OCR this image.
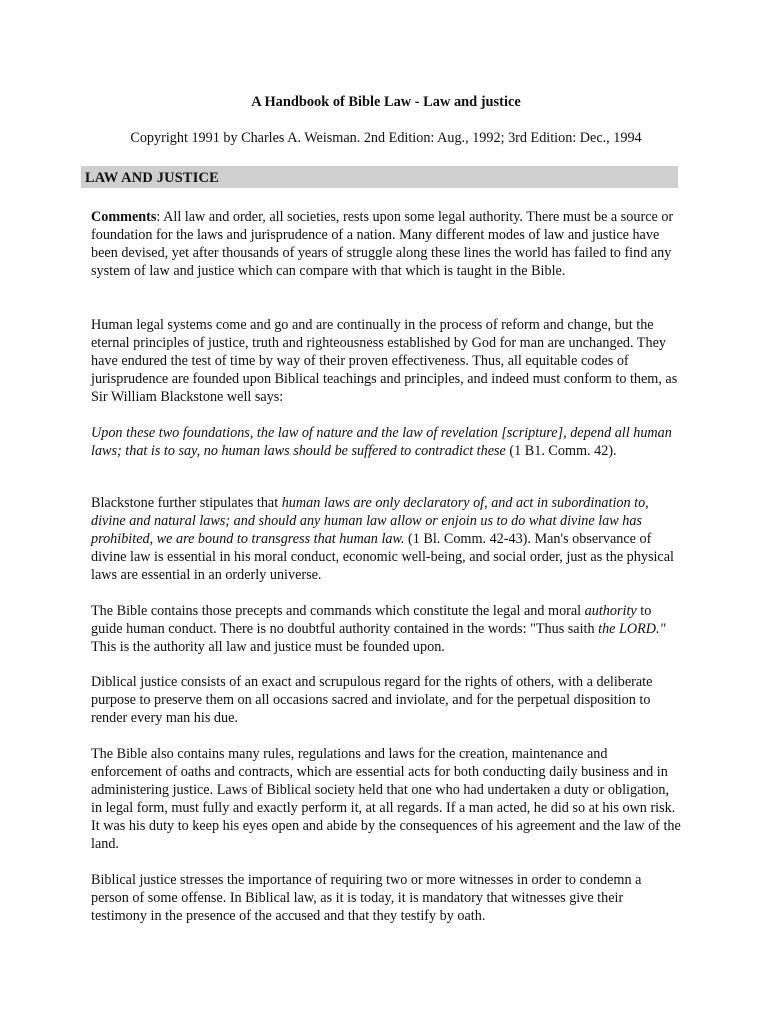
A Handbook of Bible Law - Law and justice
Copyright 1991 by Charles A. Weisman. 2nd Edition: Aug., 1992; 3rd Edition: Dec., 1994
LAW AND JUSTICE

Comments: All law and order, all societies, rests upon some legal authority. There must be a source or foundation for the laws and jurisprudence of a nation. Many different modes of law and justice have been devised, yet after thousands of years of struggle along these lines the world has failed to find any system of law and justice which can compare with that which is taught in the Bible.

Human legal systems come and go and are continually in the process of reform and change, but the eternal principles of justice, truth and righteousness established by God for man are unchanged. They have endured the test of time by way of their proven effectiveness. Thus, all equitable codes of jurisprudence are founded upon Biblical teachings and principles, and indeed must conform to them, as Sir William Blackstone well says:

Upon these two foundations, the law of nature and the law of revelation [scripture], depend all human laws; that is to say, no human laws should be suffered to contradict these (1 B1. Comm. 42).

Blackstone further stipulates that human laws are only declaratory of, and act in subordination to, divine and natural laws; and should any human law allow or enjoin us to do what divine law has prohibited, we are bound to transgress that human law. (1 Bl. Comm. 42-43). Man's observance of divine law is essential in his moral conduct, economic well-being, and social order, just as the physical laws are essential in an orderly universe.

The Bible contains those precepts and commands which constitute the legal and moral authority to guide human conduct. There is no doubtful authority contained in the words: "Thus saith the LORD." This is the authority all law and justice must be founded upon.

Diblical justice consists of an exact and scrupulous regard for the rights of others, with a deliberate purpose to preserve them on all occasions sacred and inviolate, and for the perpetual disposition to render every man his due.

The Bible also contains many rules, regulations and laws for the creation, maintenance and enforcement of oaths and contracts, which are essential acts for both conducting daily business and in administering justice. Laws of Biblical society held that one who had undertaken a duty or obligation, in legal form, must fully and exactly perform it, at all regards. If a man acted, he did so at his own risk. It was his duty to keep his eyes open and abide by the consequences of his agreement and the law of the land.

Biblical justice stresses the importance of requiring two or more witnesses in order to condemn a person of some offense. In Biblical law, as it is today, it is mandatory that witnesses give their testimony in the presence of the accused and that they testify by oath.
